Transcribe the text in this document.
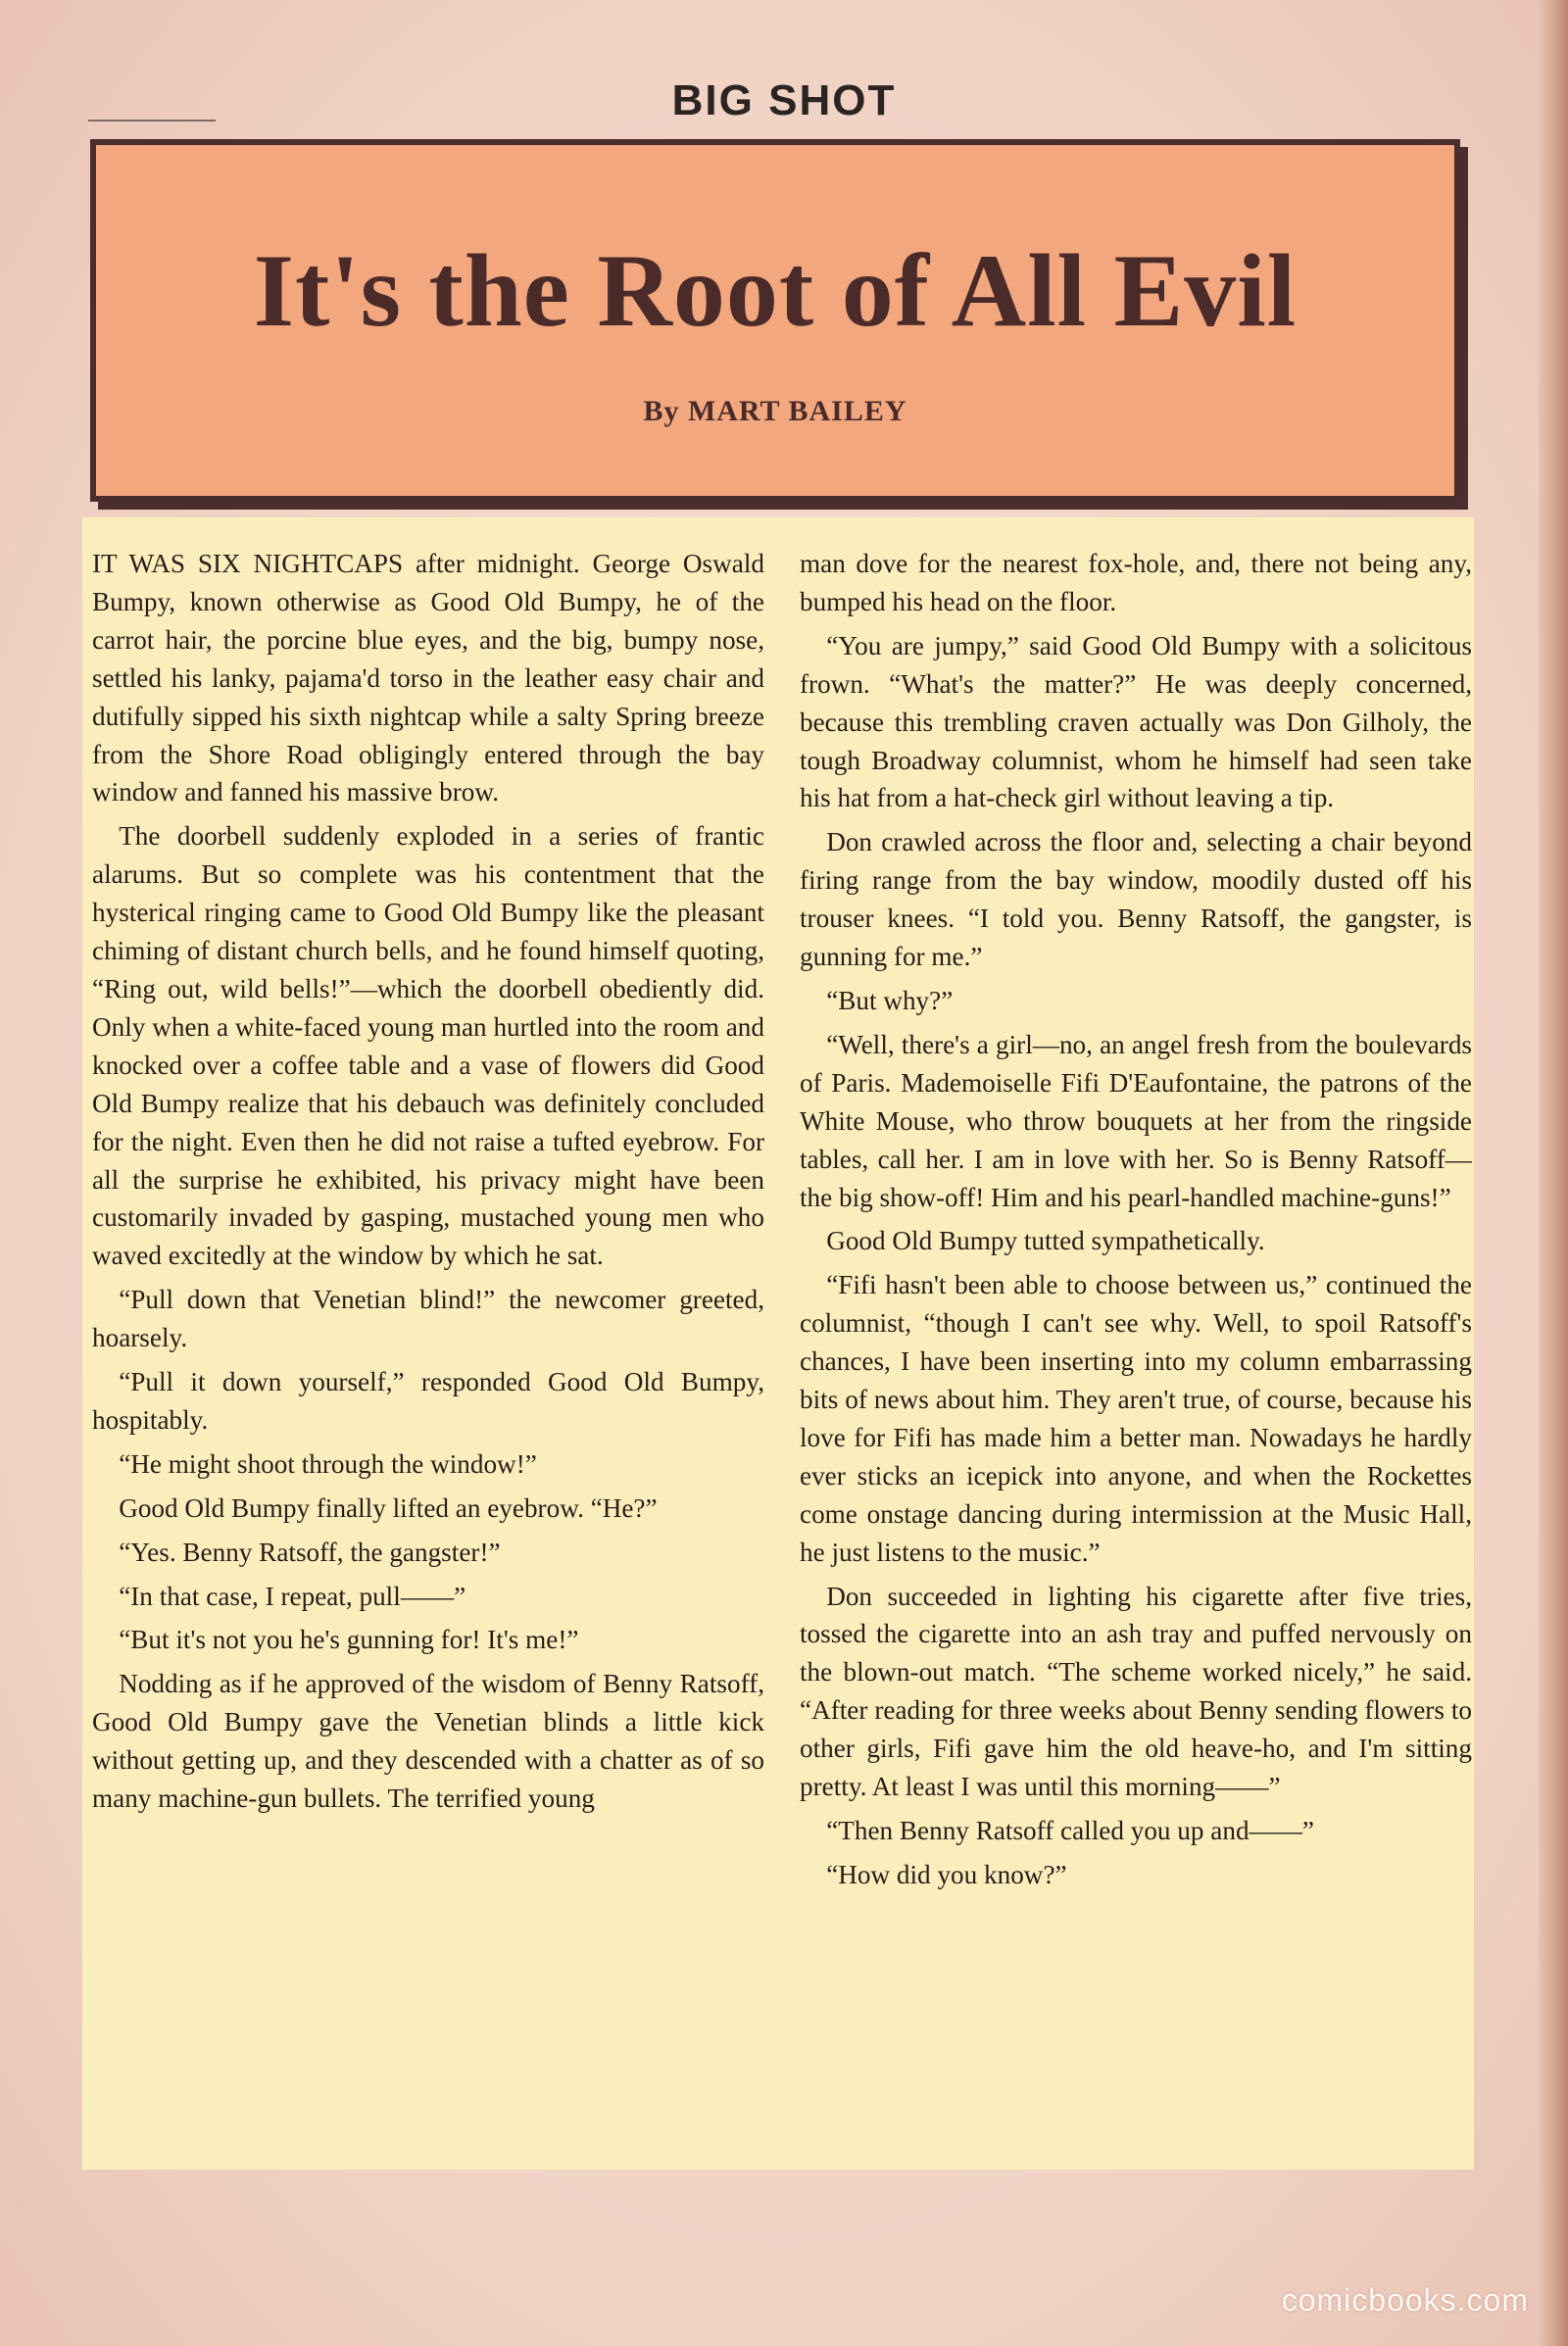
BIG SHOT
It's the Root of All Evil
By MART BAILEY

IT WAS SIX NIGHTCAPS after midnight. George Oswald Bumpy, known otherwise as Good Old Bumpy, he of the carrot hair, the porcine blue eyes, and the big, bumpy nose, settled his lanky, pajama'd torso in the leather easy chair and dutifully sipped his sixth nightcap while a salty Spring breeze from the Shore Road obligingly entered through the bay window and fanned his massive brow.

The doorbell suddenly exploded in a series of frantic alarums. But so complete was his contentment that the hysterical ringing came to Good Old Bumpy like the pleasant chiming of distant church bells, and he found himself quoting, “Ring out, wild bells!”—which the doorbell obediently did. Only when a white-faced young man hurtled into the room and knocked over a coffee table and a vase of flowers did Good Old Bumpy realize that his debauch was definitely concluded for the night. Even then he did not raise a tufted eyebrow. For all the surprise he exhibited, his privacy might have been customarily invaded by gasping, mustached young men who waved excitedly at the window by which he sat.

“Pull down that Venetian blind!” the newcomer greeted, hoarsely.

“Pull it down yourself,” responded Good Old Bumpy, hospitably.

“He might shoot through the window!”

Good Old Bumpy finally lifted an eyebrow. “He?”

“Yes. Benny Ratsoff, the gangster!”

“In that case, I repeat, pull——”

“But it's not you he's gunning for! It's me!”

Nodding as if he approved of the wisdom of Benny Ratsoff, Good Old Bumpy gave the Venetian blinds a little kick without getting up, and they descended with a chatter as of so many machine-gun bullets. The terrified young

man dove for the nearest fox-hole, and, there not being any, bumped his head on the floor.

“You are jumpy,” said Good Old Bumpy with a solicitous frown. “What's the matter?” He was deeply concerned, because this trembling craven actually was Don Gilholy, the tough Broadway columnist, whom he himself had seen take his hat from a hat-check girl without leaving a tip.

Don crawled across the floor and, selecting a chair beyond firing range from the bay window, moodily dusted off his trouser knees. “I told you. Benny Ratsoff, the gangster, is gunning for me.”

“But why?”

“Well, there's a girl—no, an angel fresh from the boulevards of Paris. Mademoiselle Fifi D'Eaufontaine, the patrons of the White Mouse, who throw bouquets at her from the ringside tables, call her. I am in love with her. So is Benny Ratsoff—the big show-off! Him and his pearl-handled machine-guns!”

Good Old Bumpy tutted sympathetically.

“Fifi hasn't been able to choose between us,” continued the columnist, “though I can't see why. Well, to spoil Ratsoff's chances, I have been inserting into my column embarrassing bits of news about him. They aren't true, of course, because his love for Fifi has made him a better man. Nowadays he hardly ever sticks an icepick into anyone, and when the Rockettes come onstage dancing during intermission at the Music Hall, he just listens to the music.”

Don succeeded in lighting his cigarette after five tries, tossed the cigarette into an ash tray and puffed nervously on the blown-out match. “The scheme worked nicely,” he said. “After reading for three weeks about Benny sending flowers to other girls, Fifi gave him the old heave-ho, and I'm sitting pretty. At least I was until this morning——”

“Then Benny Ratsoff called you up and——”

“How did you know?”

comicbooks.com
